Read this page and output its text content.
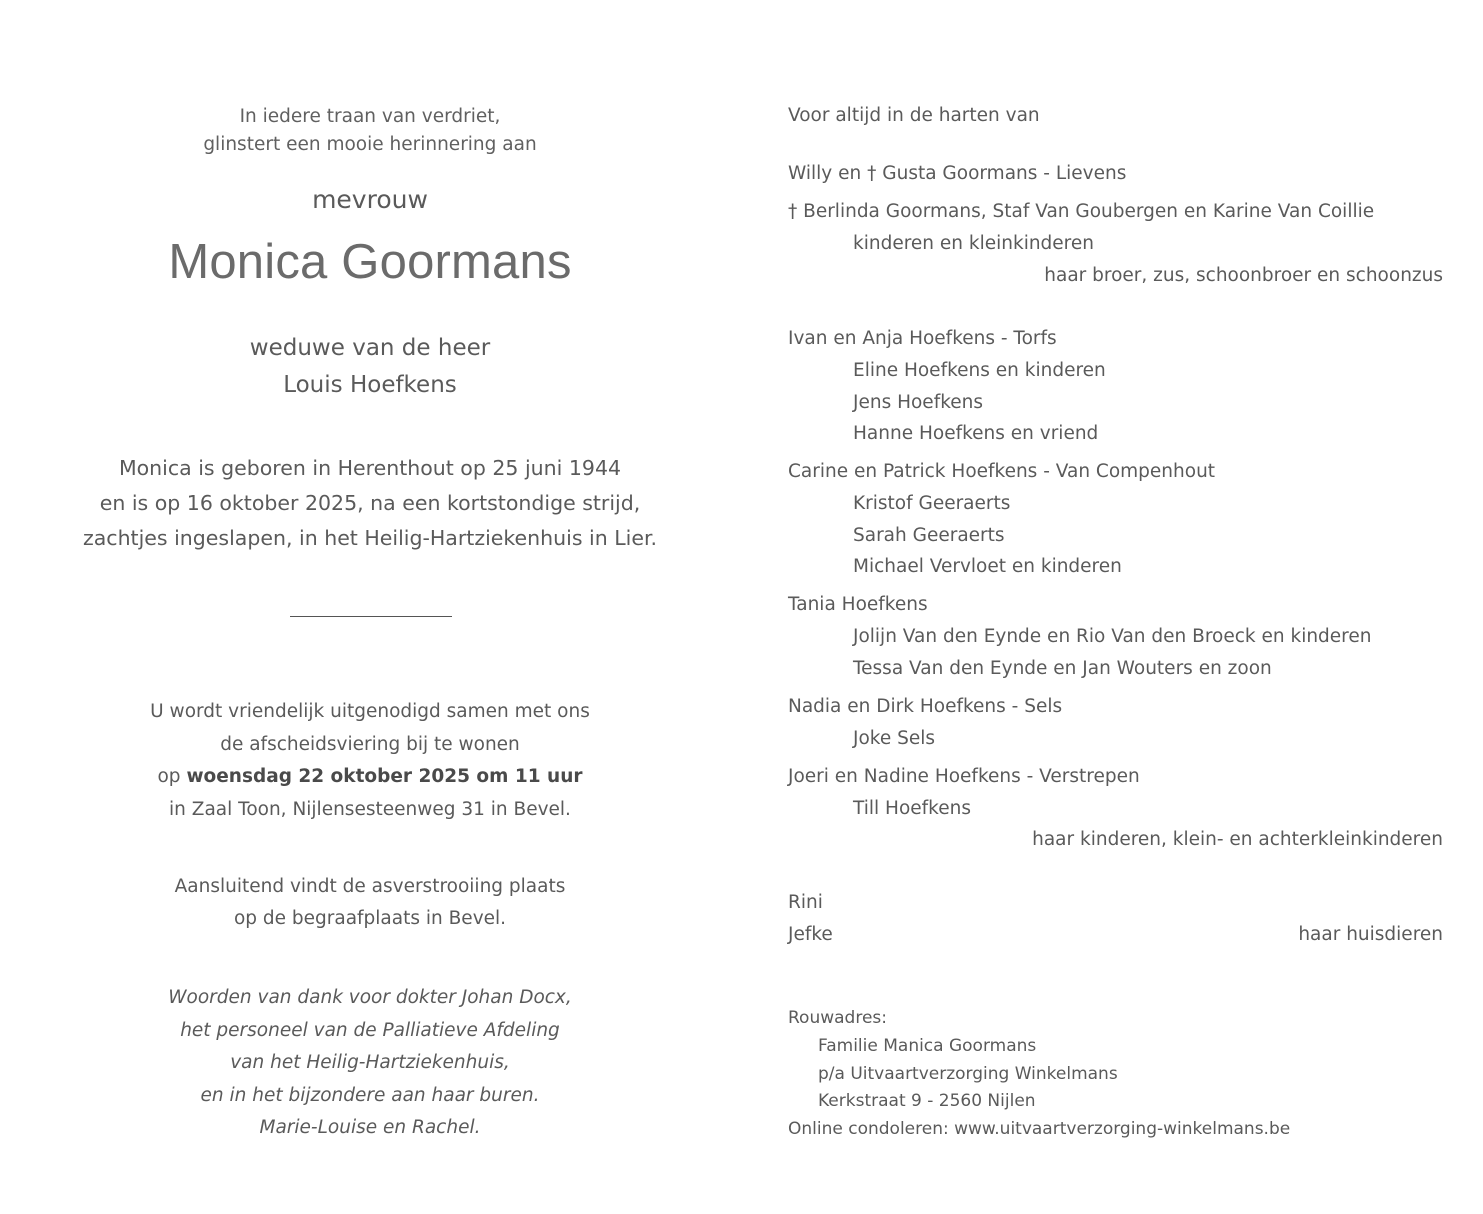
In iedere traan van verdriet,
glinstert een mooie herinnering aan
mevrouw
Monica Goormans
weduwe van de heer
Louis Hoefkens
Monica is geboren in Herenthout op 25 juni 1944
en is op 16 oktober 2025, na een kortstondige strijd,
zachtjes ingeslapen, in het Heilig-Hartziekenhuis in Lier.
U wordt vriendelijk uitgenodigd samen met ons
de afscheidsviering bij te wonen
op woensdag 22 oktober 2025 om 11 uur
in Zaal Toon, Nijlensesteenweg 31 in Bevel.
Aansluitend vindt de asverstrooiing plaats
op de begraafplaats in Bevel.
Woorden van dank voor dokter Johan Docx,
het personeel van de Palliatieve Afdeling
van het Heilig-Hartziekenhuis,
en in het bijzondere aan haar buren.
Marie-Louise en Rachel.
Voor altijd in de harten van
Willy en † Gusta Goormans - Lievens
† Berlinda Goormans, Staf Van Goubergen en Karine Van Coillie
kinderen en kleinkinderen
haar broer, zus, schoonbroer en schoonzus
Ivan en Anja Hoefkens - Torfs
Eline Hoefkens en kinderen
Jens Hoefkens
Hanne Hoefkens en vriend
Carine en Patrick Hoefkens - Van Compenhout
Kristof Geeraerts
Sarah Geeraerts
Michael Vervloet en kinderen
Tania Hoefkens
Jolijn Van den Eynde en Rio Van den Broeck en kinderen
Tessa Van den Eynde en Jan Wouters en zoon
Nadia en Dirk Hoefkens - Sels
Joke Sels
Joeri en Nadine Hoefkens - Verstrepen
Till Hoefkens
haar kinderen, klein- en achterkleinkinderen
Rini
Jefke	haar huisdieren
Rouwadres:
Familie Manica Goormans
p/a Uitvaartverzorging Winkelmans
Kerkstraat 9 - 2560 Nijlen
Online condoleren: www.uitvaartverzorging-winkelmans.be
